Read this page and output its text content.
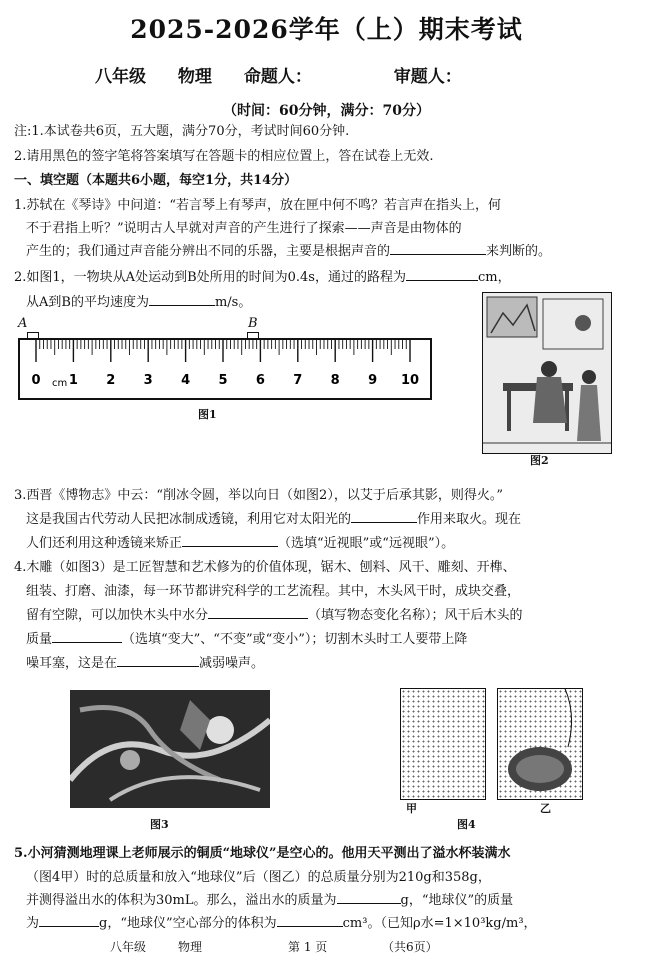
2025-2026学年（上）期末考试
八年级 物理 命题人：	审题人：
（时间：60分钟，满分：70分）
注:1.本试卷共6页，五大题，满分70分，考试时间60分钟.
2.请用黑色的签字笔将答案填写在答题卡的相应位置上，答在试卷上无效.
一、填空题（本题共6小题，每空1分，共14分）
1.苏轼在《琴诗》中问道：“若言琴上有琴声，放在匣中何不鸣？若言声在指头上，何
不于君指上听？”说明古人早就对声音的产生进行了探索——声音是由物体的
产生的；我们通过声音能分辨出不同的乐器，主要是根据声音的	来判断的。
2.如图1，一物块从A处运动到B处所用的时间为0.4s，通过的路程为	cm，
从A到B的平均速度为	m/s。
A	B
0 1 2 3 4 5 6 7 8 9 10
cm
图1
图2
3.西晋《博物志》中云：“削冰令圆，举以向日（如图2），以艾于后承其影，则得火。”
这是我国古代劳动人民把冰制成透镜，利用它对太阳光的	作用来取火。现在
人们还利用这种透镜来矫正	（选填“近视眼”或“远视眼”）。
4.木雕（如图3）是工匠智慧和艺术修为的价值体现，锯木、刨料、风干、雕刻、开榫、
组装、打磨、油漆，每一环节都讲究科学的工艺流程。其中，木头风干时，成块交叠，
留有空隙，可以加快木头中水分	（填写物态变化名称）；风干后木头的
质量	（选填“变大”、“不变”或“变小”）；切割木头时工人要带上降
噪耳塞，这是在	减弱噪声。
图3
甲	乙
图4
5.小河猜测地理课上老师展示的铜质“地球仪”是空心的。他用天平测出了溢水杯装满水
（图4甲）时的总质量和放入“地球仪”后（图乙）的总质量分别为210g和358g，
并测得溢出水的体积为30mL。那么，溢出水的质量为	g，“地球仪”的质量
为	g，“地球仪”空心部分的体积为	cm³。（已知ρ水=1×10³kg/m³，
八年级	物理	第 1 页	（共6页）
